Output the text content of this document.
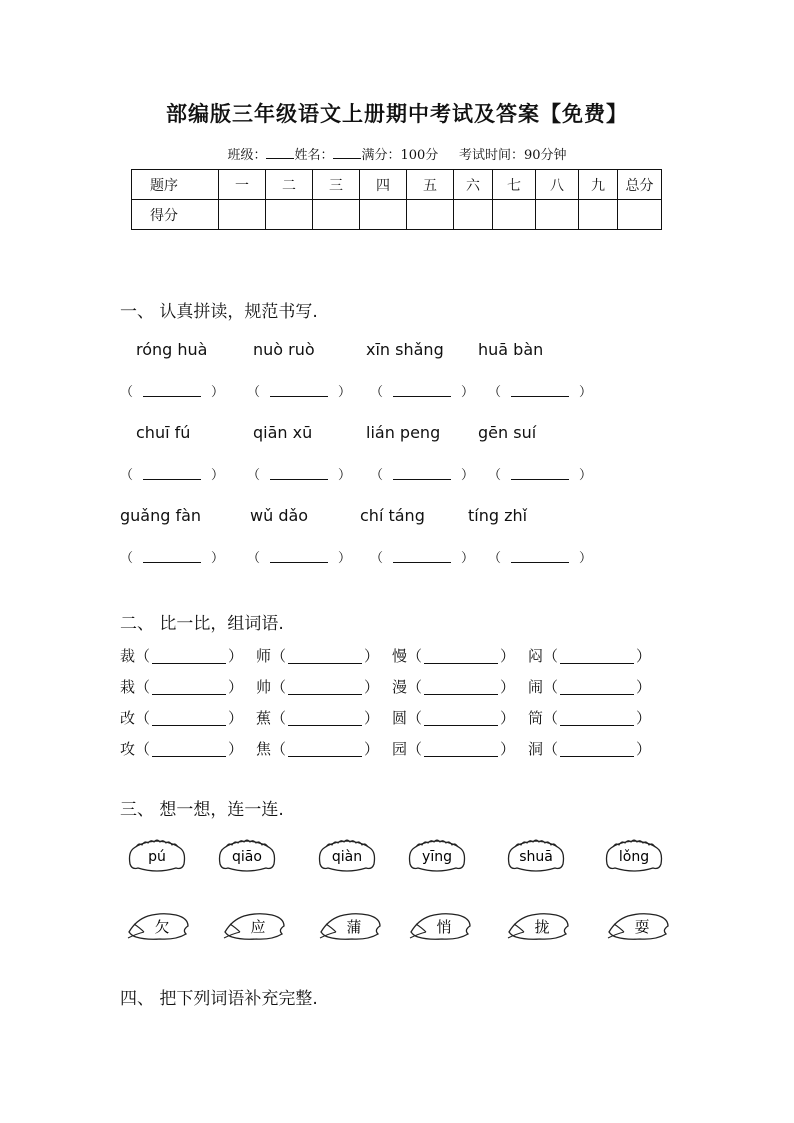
部编版三年级语文上册期中考试及答案【免费】
班级： 姓名： 满分：100分 考试时间：90分钟
题序	一	二	三	四	五	六	七	八	九	总分
得分										
一、 认真拼读，规范书写.
róng huà
（	）
nuò ruò
（	）
xīn shǎng
（	）
huā bàn
（	）
chuī fú
（	）
qiān xū
（	）
lián peng
（	）
gēn suí
（	）
guǎng fàn
（	）
wǔ dǎo
（	）
chí táng
（	）
tíng zhǐ
（	）
二、 比一比，组词语.
裁 （	） 师 （	） 慢 （	） 闷 （	）
栽 （	） 帅 （	） 漫 （	） 闹 （	）
改 （	） 蕉 （	） 圆 （	） 筒 （	）
攻 （	） 焦 （	） 园 （	） 洞 （	）
三、 想一想，连一连.
pú	qiāo	qiàn	yīng	shuā	lǒng
欠	应	蒲	悄	拢	耍
四、 把下列词语补充完整.
